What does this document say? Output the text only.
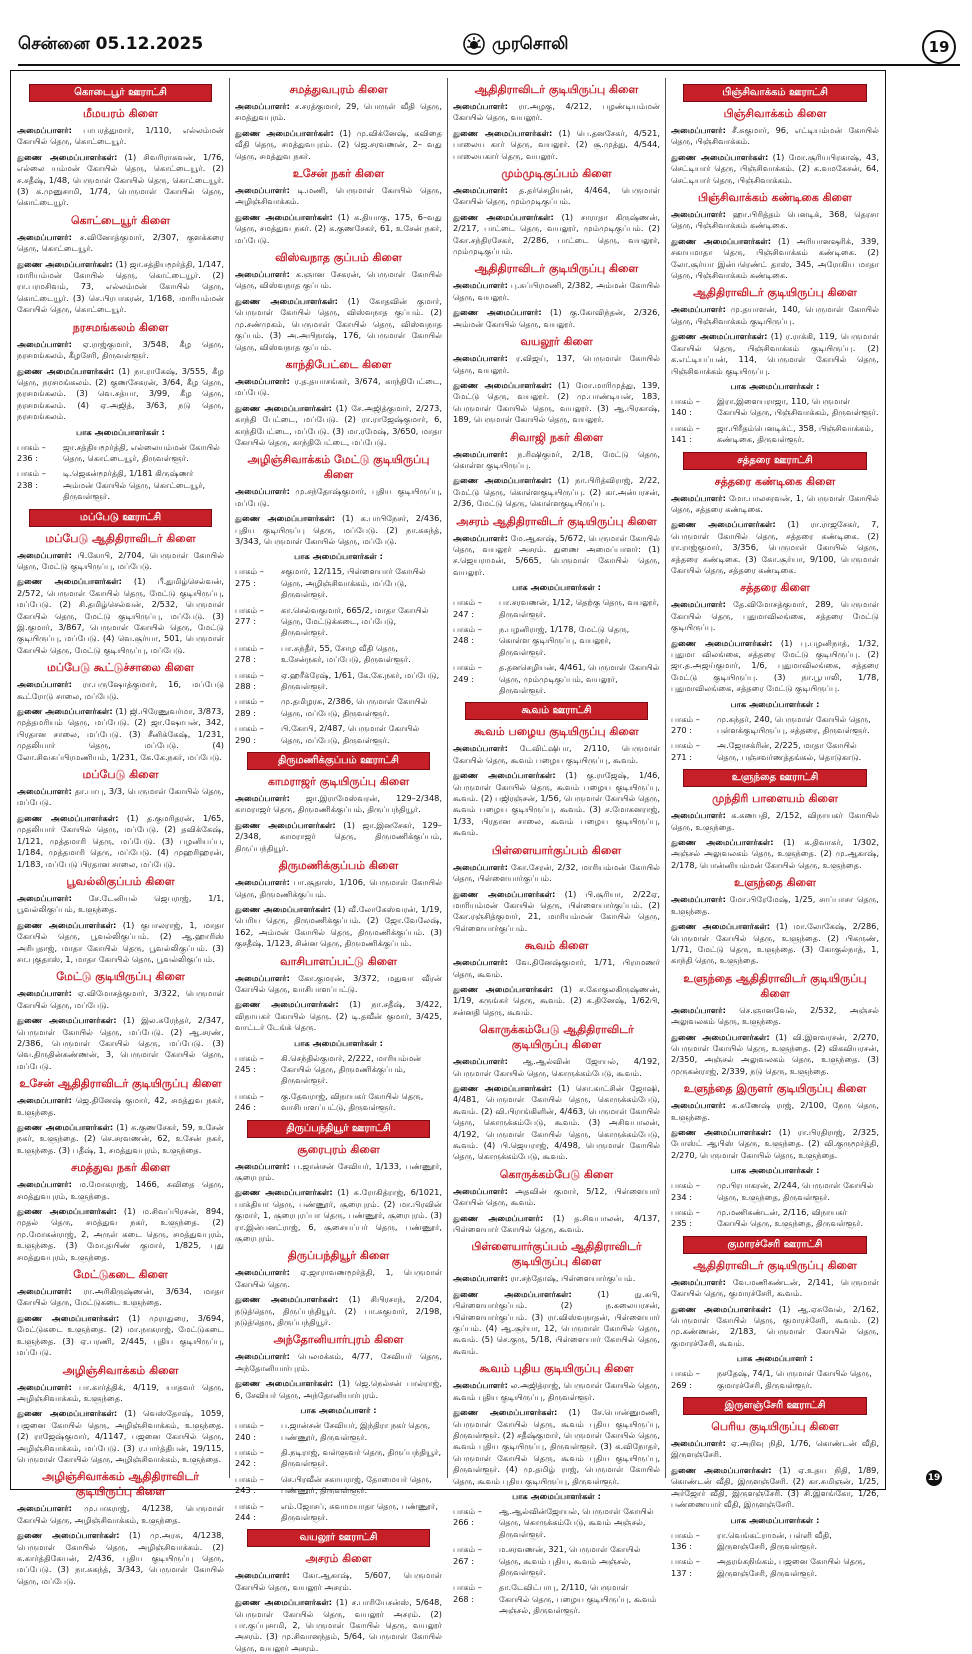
சென்னை 05.12.2025	முரசொலி	19
கொடைபூர் ஊராட்சி
மீமயரம் கிளை
அமைப்பாளர்: பாபரத்துமார், 1/110, எல்லம்மன் கோயில் தெரு, கொட்டையூர்.
துணை அமைப்பாளர்கள்: (1) சிவரிராகவன், 1/76, எல்லை யம்மன் கோயில் தெரு, கொட்டையூர். (2) ச.சதீஷ், 1/48, பெருமாள் கோயில் தெரு, கொட்டையூர். (3) க.முனுசாமி, 1/74, பெருமாள் கோயில் தெரு, கொட்டையூர்.
கொட்டையூர் கிளை
அமைப்பாளர்: ச.வினோத்குமார், 2/307, குளக்கரை தெரு, கொட்டையூர்.
துணை அமைப்பாளர்கள்: (1) ஜா.சத்தியமூர்த்தி, 1/147, மாரியம்மன் கோயில் தெரு, கொட்டையூர். (2) ரா.பரமசிவம், 73, எல்லம்மன் கோயில் தெரு, கொட்டையூர். (3) செ.பிரபாகரன், 1/168, மாரியம்மன் கோயில் தெரு, கொட்டையூர்.
நரசமங்கலம் கிளை
அமைப்பாளர்: ஏ.ராஜ்குமார், 3/548, கீழ தெரு, நரசமங்கலம், கீழசேரி, திருவள்ளூர்.
துணை அமைப்பாளர்கள்: (1) நா.ராகேஷ், 3/555, கீழ தெரு, நரசமங்கலம். (2) குணசேகரன், 3/64, கீழ தெரு, நரசமங்கலம். (3) வெ.சத்யா, 3/99, கீழ தெரு, நரசமங்கலம். (4) ஏ.அஜித், 3/63, நடு தெரு, நரசமங்கலம்.
பாக அமைப்பாளர்கள் :
பாகம் – 236 :
ஜா.சத்தியமூர்த்தி, எல்லையம்மன் கோயில் தெரு, கொட்டையூர், திருவள்ளூர்.
பாகம் – 238 :
டி.ஜெகன்மூர்த்தி, 1/181 கிருஷ்ணர் அம்மன் கோயில் தெரு, கொட்டையூர், திருவள்ளூர்.
மப்பேடு ஊராட்சி
மப்பேடு ஆதிதிராவிடர் கிளை
அமைப்பாளர்: பி.கோபி, 2/704, பெருமாள் கோயில் தெரு, மேட்டு குடியிருப்பு, மப்பேடு.
துணை அமைப்பாளர்கள்: (1) பீ.துமிழ்செல்வன், 2/572, பெருமாள் கோயில் தெரு, மேட்டு குடியிருப்பு, மப்பேடு. (2) சி.தமிழ்செல்வன், 2/532, பெருமாள் கோயில் தெரு, மேட்டு குடியிருப்பு, மப்பேடு. (3) இ.குமார், 3/867, பெருமாள் கோயில் தெரு, மேட்டு குடியிருப்பு, மப்பேடு. (4) வெ.சூர்யா, 501, பெருமாள் கோயில் தெரு, மேட்டு குடியிருப்பு, மப்பேடு.
மப்பேடு கூட்டுச்சாலை கிளை
அமைப்பாளர்: ரா.பருஷோத்குமார், 16, மப்பேடு கூட்ரோடு சாலை, மப்பேடு.
துணை அமைப்பாளர்கள்: (1) ஜி.பிரேணுவர்மா, 3/873, முத்தமரியம் தெரு, மப்பேடு. (2) ஜா.ஷோபன், 342, பிரதான சாலை, மப்பேடு. (3) சீனிக்கேஷ், 1/231, முதலியார் தெரு, மப்பேடு. (4) லோ.சிவசுப்பிரமணியம், 1/231, கே.கே.நகர், மப்பேடு.
மப்பேடு கிளை
அமைப்பாளர்: தா.பாபு, 3/3, பெருமாள் கோயில் தெரு, மப்பேடு.
துணை அமைப்பாளர்கள்: (1) த.குமரிதரன், 1/65, முதலியார் கோயில் தெரு, மப்பேடு. (2) தவிக்கேஷ், 1/121, முத்தமாரி தெரு, மப்பேடு. (3) பழனியப்ப, 1/184, முத்தமாரி தெரு, மப்பேடு. (4) முஹரிஹரன், 1/183, மப்பேடு பிரதான சாலை, மப்பேடு.
பூவல்லிகுப்பம் கிளை
அமைப்பாளர்: சே.டேனியல் ஜெபராஜ், 1/1, பூவல்லிகுப்பம், உளுந்தை.
துணை அமைப்பாளர்கள்: (1) குபாலராஜ், 1, மாதா கோயில் தெரு, பூவல்லிகுப்பம். (2) ஆ.ஹாரிஸ் அரிபுதாஜ், மாதா கோயில் தெரு, பூவல்லிகுப்பம். (3) சா.புகுதாஸ், 1, மாதா கோயில் தெரு, பூவல்லிகுப்பம்.
மேட்டு குடியிருப்பு கிளை
அமைப்பாளர்: ஏ.விமோசத்குமார், 3/322, பெருமாள் கோயில் தெரு, மப்பேடு.
துணை அமைப்பாளர்கள்: (1) இல.சுரேந்தர், 2/347, பெருமாள் கோயில் தெரு, மப்பேடு. (2) ஆ.சரண், 2/386, பெருமாள் கோயில் தெரு, மப்பேடு. (3) வெ.திருதின்கண்ணன், 3, பெருமாள் கோயில் தெரு, மப்பேடு.
உசேன் ஆதிதிராவிடர் குடியிருப்பு கிளை
அமைப்பாளர்: ஜெ.தினேஷ் குமார், 42, சமத்துவ நகர், உளுந்தை.
துணை அமைப்பாளர்கள்: (1) சு.குணசேகர், 59, உசேன் நகர், உளுந்தை. (2) செ.சரவணன், 62, உசேன் நகர், உளுந்தை. (3) பதீஷ், 1, சமத்துவபுரம், உளுந்தை.
சமத்துவ நகர் கிளை
அமைப்பாளர்: ம.மோகராஜ், 1466, சுவிதை தெரு, சமத்துவபுரம், உளுந்தை.
துணை அமைப்பாளர்கள்: (1) ம.சிவப்பிரசன், 894, முதல் தெரு, சமத்துவ நகர், உளுந்தை. (2) மு.மோகன்ராஜ், 2, அருள் கடை தெரு, சமத்துவபுரம், உளுந்தை. (3) மோ.தயிண் குமார், 1/825, புது சமத்துவபுரம், உளுந்தை.
மேட்டுகடை கிளை
அமைப்பாளர்: ரா.அரிகிருஷ்ணன், 3/634, மாதா கோயில் தெரு, மேட்டுகடை உளுந்தை.
துணை அமைப்பாளர்கள்: (1) முராதுரை, 3/694, மேட்டுகடை உளுந்தை. (2) மா.நாகராஜ், மேட்டுகடை உளுந்தை. (3) ஏ.பரணி, 2/445, புதிய குடியிருப்பு, மப்பேடு.
அழிஞ்சிவாக்கம் கிளை
அமைப்பாளர்: பா.கார்த்திக், 4/119, யாதவர் தெரு, அழிஞ்சிவாக்கம், உளுந்தை.
துணை அமைப்பாளர்கள்: (1) வெஸ்தோஷ், 1059, பஜனை கோயில் தெரு, அழிஞ்சிவாக்கம், உளுந்தை. (2) ராஜேஷ்குமார், 4/1147, பஜனை கோயில் தெரு, அழிஞ்சிவாக்கம், மப்பேடு. (3) ர.பார்த்திபன், 19/115, பெருமாள் கோயில் தெரு, அழிஞ்சிவாக்கம், உளுந்தை.
அழிஞ்சிவாக்கம் ஆதிதிராவிடர் குடியிருப்பு கிளை
அமைப்பாளர்: மு.பாகராஜ், 4/1238, பெருமாள் கோயில் தெரு, அழிஞ்சிவாக்கம், உளுந்தை.
துணை அமைப்பாளர்கள்: (1) மு.அரசு, 4/1238, பெருமாள் கோயில் தெரு, அழிஞ்சிவாக்கம். (2) க.கார்த்திகேயன், 2/436, புதிய குடியிருப்பு தெரு, மப்பேடு. (3) நா.சுகந்த், 3/343, பெருமாள் கோயில் தெரு, மப்பேடு.
சமத்துவபுரம் கிளை
அமைப்பாளர்: ச.சரத்குமார், 29, பொருள் வீதி தெரு, சமத்துவபுரம்.
துணை அமைப்பாளர்கள்: (1) மு.விக்னேஷ், கவிதை வீதி தெரு, சமத்துவபுரம். (2) ஜெ.சரவணன், 2– வது தெரு, சமத்துவ நகர்.
உசேன் நகர் கிளை
அமைப்பாளர்: டி.மணி, பெருமாள் கோயில் தெரு, அழிஞ்சிவாக்கம்.
துணை அமைப்பாளர்கள்: (1) க.தியாகு, 175, 6–வது தெரு, சமத்துவ நகர். (2) க.குணசேகர், 61, உசேன் நகர், மப்பேடு.
விஸ்வநாத குப்பம் கிளை
அமைப்பாளர்: க.ஞான சேகரன், பெருமாள் கோயில் தெரு, விஸ்வநாத குப்பம்.
துணை அமைப்பாளர்கள்: (1) கோதவின் குமார், பெருமாள் கோயில் தெரு, விஸ்வநாத குப்பம். (2) மு.சண்முகம், பெருமாள் கோயில் தெரு, விஸ்வநாத குப்பம். (3) அ.அபிநாஷ், 176, பெருமாள் கோயில் தெரு, விஸ்வநாத குப்பம்.
காந்திபேட்டை கிளை
அமைப்பாளர்: ர.த.தயாசங்கர், 3/674, காந்திபேட்டை, மப்பேடு.
துணை அமைப்பாளர்கள்: (1) சே.அஜித்குமார், 2/273, காந்தி பேட்டை, மப்பேடு. (2) ரா.ராஜேஷ்குமார், 6, காந்திபேட்டை, மப்பேடு. (3) மா.ரமேஷ், 3/650, மாதா கோயில் தெரு, காந்திபேட்டை, மப்பேடு.
அழிஞ்சிவாக்கம் மேட்டு குடியிருப்பு கிளை
அமைப்பாளர்: மு.சந்தோஷ்குமார், புதிய குடியிருப்பு, மப்பேடு.
துணை அமைப்பாளர்கள்: (1) க.பாபிநேசர், 2/436, புதிய குடியிருப்பு தெரு, மப்பேடு. (2) நா.கசுந்த், 3/343, பெருமாள் கோயில் தெரு, மப்பேடு.
பாக அமைப்பாளர்கள் :
பாகம் – 275 :
சகுமார், 12/115, பிள்ளையார் கோயில் தெரு, அழிஞ்சிவாக்கம், மப்பேடு, திருவள்ளூர்.
பாகம் – 277 :
கா.செல்வகுமார், 665/2, மாதா கோயில் தெரு, மேட்டுக்கடை, மப்பேடு, திருவள்ளூர்.
பாகம் – 278 :
பா.சுந்தீர், 55, சோழ வீதி தெரு, உசேன்நகர், மப்பேடு, திருவள்ளூர்.
பாகம் – 288 :
ஏ.ஹரீக்ரேஷ், 1/61, கே.கே.நகர், மப்பேடு, திருவள்ளூர்.
பாகம் – 289 :
மு.தமிழரசு, 2/386, பெருமாள் கோயில் தெரு, மப்பேடு, திருவள்ளூர்.
பாகம் – 290 :
பி.கோபி, 2/487, பெருமாள் கோயில் தெரு, மப்பேடு, திருவள்ளூர்.
திருமணிக்குப்பம் ஊராட்சி
காமராஜர் குடியிருப்பு கிளை
அமைப்பாளர்: ஜா.இராமேஸ்வரன், 129–2/348, காமராஜர் தெரு, திருமணிக்குப்பம், திருப்பந்தியூர்.
துணை அமைப்பாளர்கள்: (1) ஜா.இனசேகர், 129–2/348, காமராஜர் தெரு, திருமணிக்குப்பம், திருப்பந்தியூர்.
திருமணிக்குப்பம் கிளை
அமைப்பாளர்: பா.சூதாஸ், 1/106, பெருமாள் கோயில் தெரு, திருமணிக்குப்பம்.
துணை அமைப்பாளர்கள்: (1) வீ.லோகேஸ்வரன், 1/19, பெரிய தெரு, திருமணிக்குப்பம். (2) ஜோ.வேலேஷ், 162, அம்மன் கோயில் தெரு, திருமணிக்குப்பம். (3) குசதீஷ், 1/123, சின்ன தெரு, திருமணிக்குப்பம்.
வாசிபாளப்பட்டு கிளை
அமைப்பாளர்: கோ.குமரன், 3/372, மதுவா வீரன் கோயில் தெரு, வாசிபாளப்பட்டு.
துணை அமைப்பாளர்கள்: (1) நா.சதீஷ், 3/422, விநாயகர் கோயில் தெரு. (2) டி.தவீன் குமார், 3/425, வாட்டர் டேங்க் தெரு.
பாக அமைப்பாளர்கள் :
பாகம் – 245 :
கி.செந்தில்குமார், 2/222, மாரியம்மன் கோயில் தெரு, திருமணிக்குப்பம், திருவள்ளூர்.
பாகம் – 246 :
கு.தேவராஜ், விநாயகர் கோயில் தெரு, வாசிபாளப்பட்டு, திருவள்ளூர்.
திருப்பந்தியூர் ஊராட்சி
சூரைபுரம் கிளை
அமைப்பாளர்: ப.ஜான்சன் சேவியர், 1/133, பண்ணூர், சூரைபுரம்.
துணை அமைப்பாளர்கள்: (1) சு.ரோகித்ராஜ், 6/1021, பாக்தியா தெரு, பண்ணூர், சூரைபுரம். (2) மா.பிரவின் குமார், 1, சூரைபுரப்பா தெரு, பண்ணூர், சூரைபுரம். (3) ரா.இன்பனட்ராஜ், 6, சூசையப்பர் தெரு, பண்ணூர், சூரைபுரம்.
திருப்பந்தியூர் கிளை
அமைப்பாளர்: ஏ.ஜாராவணமூர்த்தி, 1, பெருமாள் கோயில் தெரு.
துணை அமைப்பாளர்கள்: (1) சிபிரசாந், 2/204, நடுத்தெரு, திருப்பந்தியூர். (2) பா.சுகுமார், 2/198, நடுத்தெரு, திருப்பந்தியூர்.
அந்தோனியார்புரம் கிளை
அமைப்பாளர்: பெலமக்கம், 4/77, சேவியர் தெரு, அந்தோனியார்புரம்.
துணை அமைப்பாளர்கள்: (1) ஜெ.நெல்சன் பால்ராஜ், 6, சேவியர் தெரு, அந்தோனியார்புரம்.
பாக அமைப்பாளர் :
பாகம் – 240 :
ப.ஜான்சன் சேவியர், இந்திரா நகர் தெரு, பண்ணூர், திருவள்ளூர்.
பாகம் – 242 :
தி.நடிராஜ், வள்ளுவர் தெரு, திருப்பந்தியூர், திருவள்ளூர்.
பாகம் – 243 :
செ.பிரவீன் சகாயராஜ், தோமையர் தெரு, பண்ணூர், திருவள்ளூர்.
பாகம் – 244 :
எம்.ஜோசப், சுவாமயாதா தெரு, பண்ணூர், திருவள்ளூர்.
வயலூர் ஊராட்சி
அசரம் கிளை
அமைப்பாளர்: கோ.ஆகாஷ், 5/607, பெருமாள் கோயில் தெரு, வயலூர் அசரம்.
துணை அமைப்பாளர்கள்: (1) ச.பாரியேசன்ஸ், 5/648, பெருமாள் கோயில் தெரு, வயலூர் அசரம். (2) பா.குப்புசாமி, 2, பெருமாள் கோயில் தெரு, வயலூர் அசரம். (3) மு.சிவானந்தம், 5/64, பெருமாள் கோயில் தெரு, வயலூர் அசரம்.
ஆதிதிராவிடர் குடியிருப்பு கிளை
அமைப்பாளர்: ரா.அழகு, 4/212, பழண்டியம்மன் கோயில் தெரு, வயலூர்.
துணை அமைப்பாளர்கள்: (1) பெ.தனசேகர், 4/521, பாலைய கார் தெரு, வயலூர். (2) சூ.முத்து, 4/544, பாலையகார் தெரு, வயலூர்.
மும்முடிகுப்பம் கிளை
அமைப்பாளர்: த.தர்செழியன், 4/464, பெருமாள் கோயில் தெரு, மும்முடிகுப்பம்.
துணை அமைப்பாளர்கள்: (1) சாராதா கிருஷ்ணன், 2/217, பாட்டை தெரு, வயலூர், மும்முடிகுப்பம். (2) கோ.சந்திரசேகர், 2/286, பாட்டை தெரு, வயலூர், மும்முடிகுப்பம்.
ஆதிதிராவிடர் குடியிருப்பு கிளை
அமைப்பாளர்: பு.சுப்பிரமணி, 2/382, அம்மன் கோயில் தெரு, வயலூர்.
துணை அமைப்பாளர்: (1) கு.கோவிந்தன், 2/326, அம்மன் கோயில் தெரு, வயலூர்.
வயலூர் கிளை
அமைப்பாளர்: ர.விஜய், 137, பெருமாள் கோயில் தெரு, வயலூர்.
துணை அமைப்பாளர்கள்: (1) மோ.மாரிமுத்து, 139, மேட்டு தெரு, வயலூர். (2) மு.பாண்டியன், 183, பெருமாள் கோயில் தெரு, வயலூர். (3) ஆ.பிரகாஷ், 189, பெருமாள் கோயில் தெரு, வயலூர்.
சிவாஜி நகர் கிளை
அமைப்பாளர்: ந.ரிஷிகுமர், 2/18, மேட்டு தெரு, கொள்ள குடியிருப்பு.
துணை அமைப்பாளர்கள்: (1) நா.பிரித்விராஜ், 2/22, மேட்டு தெரு, கொள்ளகுடியிருப்பு. (2) கா.அன்பரசன், 2/36, மேட்டு தெரு, கொள்ளகுடியிருப்பு.
அசரம் ஆதிதிராவிடர் குடியிருப்பு கிளை
அமைப்பாளர்: மே.ஆகாஷ், 5/672, பெருமாள் கோயில் தெரு, வயலூர் அசரம். துணை அமைப்பாளர்: (1) ச.ஜெயராமன், 5/665, பெருமாள் கோயில் தெரு, வயலூர்.
பாக அமைப்பாளர்கள் :
பாகம் – 247 :
பா.சரவணன், 1/12, தெற்கு தெரு, வயலூர், திருவள்ளூர்.
பாகம் – 248 :
ந.பழனிராஜ், 1/178, மேட்டு தெரு, கொள்ள குடியிருப்பு, வயலூர், திருவள்ளூர்.
பாகம் – 249 :
த.தனசெழியன், 4/461, பெருமாள் கோயில் தெரு, மும்முடிகுப்பம், வயலூர், திருவள்ளூர்.
கூவம் ஊராட்சி
கூவம் பழைய குடியிருப்பு கிளை
அமைப்பாளர்: டேவிட்ஷிபா, 2/110, பெருமாள் கோயில் தெரு, கூவம் பழைய குடியிருப்பு, கூவம்.
துணை அமைப்பாளர்கள்: (1) கு.ராஜேஷ், 1/46, பெருமாள் கோயில் தெரு, கூவம் பழைய குடியிருப்பு, கூவம். (2) பஜிரஞ்சன், 1/56, பெருமாள் கோயில் தெரு, கூவம் பழைய குடியிருப்பு, கூவம். (3) ச.மோகனராஜ், 1/33, பிரதான சாலை, கூவம் பழைய குடியிருப்பு, கூவம்.
பிள்ளையார்குப்பம் கிளை
அமைப்பாளர்: கோ.சேரன், 2/32, மாரியம்மன் கோயில் தெரு, பிள்ளையார்குப்பம்.
துணை அமைப்பாளர்கள்: (1) பி.சூரியா, 2/22ஏ, மாரியம்மன் கோயில் தெரு, பிள்ளையார்குப்பம். (2) கோ.ரஞ்சித்குமார், 21, மாரியம்மன் கோயில் தெரு, பிள்ளையார்குப்பம்.
கூவம் கிளை
அமைப்பாளர்: வே.தினேஷ்குமார், 1/71, பிராமணர் தெரு, கூவம்.
துணை அமைப்பாளர்கள்: (1) ச.கோகுலகிருஷ்ணன், 1/19, கருங்கர் தெரு, கூவம். (2) க.தினேஷ், 1/62பி, சன்னதி தெரு, கூவம்.
கொருக்கம்பேடு ஆதிதிராவிடர் குடியிருப்பு கிளை
அமைப்பாளர்: ஆ.ஆல்வின் ஜோயல், 4/192, பெருமாள் கோயில் தெரு, கொருக்கம்பேடு, கூவம்.
துணை அமைப்பாளர்கள்: (1) சொ.காட்சின் ஜோஷி, 4/481, பெருமாள் கோயில் தெரு, கொருக்கம்பேடு, கூவம். (2) வி.பிராங்கிளின், 4/463, பெருமாள் கோயில் தெரு, கொருக்கம்பேடு, கூவம். (3) அசிவபாலன், 4/192, பெருமாள் கோயில் தெரு, கொருக்கம்பேடு, கூவம். (4) பி.ஜெயராஜ், 4/498, பெருமாள் கோயில் தெரு, கொருக்கம்பேடு, கூவம்.
கொருக்கம்பேடு கிளை
அமைப்பாளர்: அதவின் குமார், 5/12, பிள்ளையார் கோயில் தெரு, கூவம்.
துணை அமைப்பாளர்: (1) த.சிவபாலன், 4/137, பிள்ளையார் கோயில் தெரு, கூவம்.
பிள்ளையார்குப்பம் ஆதிதிராவிடர் குடியிருப்பு கிளை
அமைப்பாளர்: ரா.சந்தோஷ், பிள்ளையார்குப்பம்.
துணை அமைப்பாளர்கள்: (1) நு.சுபி, பிள்ளையார்குப்பம். (2) ந.சுலையரசன், பிள்ளையார்குப்பம். (3) ரா.விஸ்வநாதன், பிள்ளையார் குப்பம். (4) ஆ.சூர்யா, 12, பெருமாள் கோயில் தெரு, கூவம். (5) செ.குரு, 5/18, பிள்ளையார் கோயில் தெரு, கூவம்.
கூவம் புதிய குடியிருப்பு கிளை
அமைப்பாளர்: ல.அஜித்ராஜ், பெருமாள் கோயில் தெரு, கூவம் புதிய குடியிருப்பு, திருவள்ளூர்.
துணை அமைப்பாளர்கள்: (1) சே.பொன்னுமணி, பெருமாள் கோயில் தெரு, கூவம் புதிய குடியிருப்பு, திருவள்ளூர். (2) சதீஷ்குமார், பெருமாள் கோயில் தெரு, கூவம் புதிய குடியிருப்பு, திருவள்ளூர். (3) க.விநோதர், பெருமாள் கோயில் தெரு, கூவம் புதிய குடியிருப்பு, திருவள்ளூர். (4) மு.தமிழ் ராஜ், பெருமாள் கோயில் தெரு, கூவம் புதிய குடியிருப்பு, திருவள்ளூர்.
பாக அமைப்பாளர்கள் :
பாகம் – 266 :
ஆ.ஆல்வின்ஜோயல், பெருமாள் கோயில் தெரு, கொருக்கம்பேடு, கூவம் அஞ்சல், திருவள்ளூர்.
பாகம் – 267 :
ம.சரவணன், 321, பெருமாள் கோயில் தெரு, கூவம் புதிய, கூவம் அஞ்சல், திருவள்ளூர்.
பாகம் – 268 :
தா.டேவிட்பாபு, 2/110, பெருமாள் கோயில் தெரு, பழைய குடியிருப்பு, கூவம் அஞ்சல், திருவள்ளூர்.
பிஞ்சிவாக்கம் ஊராட்சி
பிஞ்சிவாக்கம் கிளை
அமைப்பாளர்: சீ.சுகுமார், 96, எட்டியம்மன் கோயில் தெரு, பிஞ்சிவாக்கம்.
துணை அமைப்பாளர்கள்: (1) மோ.சூரியபிரகாஷ், 43, செட்டியார் தெரு, பிஞ்சிவாக்கம். (2) க.வமகேசன், 64, செட்டியார் தெரு, பிஞ்சிவாக்கம்.
பிஞ்சிவாக்கம் கண்டிகை கிளை
அமைப்பாளர்: ஹா.பிரித்தம் பெனடிக், 368, தெரசா தெரு, பிஞ்சிவாக்கம் கண்டிகை.
துணை அமைப்பாளர்கள்: (1) அரியானஷரிக், 339, சகாயமாதா தெரு, பிஞ்சிவாக்கம் கண்டிகை. (2) லோ.சூர்யா இன்பரெண்ட் தாஸ், 345, அரோகிய மாதா தெரு, பிஞ்சிவாக்கம் கண்டிகை.
ஆதிதிராவிடர் குடியிருப்பு கிளை
அமைப்பாளர்: மு.தயாளன், 140, பெருமாள் கோயில் தெரு, பிஞ்சிவாக்கம் குடியிருப்பு.
துணை அமைப்பாளர்கள்: (1) ர.ராக்கி, 119, பெருமாள் கோயில் தெரு, பிஞ்சிவாக்கம் குடியிருப்பு. (2) க.எட்டியப்பன், 114, பெருமாள் கோயில் தெரு, பிஞ்சிவாக்கம் குடியிருப்பு.
பாக அமைப்பாளர்கள் :
பாகம் – 140 :
இரா.இளையராஜா, 110, பெருமாள் கோயில் தெரு, பிஞ்சிவாக்கம், திருவள்ளூர்.
பாகம் – 141 :
ஜா.பிரீதம்பெனடிக்ட், 358, பிஞ்சிவாக்கம், கண்டிகை, திருவள்ளூர்.
சத்தரை ஊராட்சி
சத்தரை கண்டிகை கிளை
அமைப்பாளர்: மோ.பாலசரவன், 1, பெருமாள் கோயில் தெரு, சத்தரை கண்டிகை.
துணை அமைப்பாளர்கள்: (1) ரா.ராஜசேகர், 7, பெருமாள் கோயில் தெரு, சத்தரை கண்டிகை. (2) ரா.ராஜ்குமார், 3/356, பெருமாள் கோயில் தெரு, சத்தரை கண்டிகை. (3) கோ.சூர்யா, 9/100, பெருமாள் கோயில் தெரு, சத்தரை கண்டிகை.
சத்தரை கிளை
அமைப்பாளர்: தே.விமோசத்குமார், 289, பெருமாள் கோயில் தெரு, புதுமாவிலங்கை, சத்தரை மேட்டு குடியிருப்பு.
துணை அமைப்பாளர்கள்: (1) பு.பழனிநாத், 1/32, புதுமா விலங்கை, சத்தரை மேட்டு குடியிருப்பு. (2) ஜா.த.அஜய்குமார், 1/6, புதுமாவிலங்கை, சத்தரை மேட்டு குடியிருப்பு. (3) நா.பூபாலி, 1/78, புதுமாவிலங்கை, சத்தரை மேட்டு குடியிருப்பு.
பாக அமைப்பாளர்கள் :
பாகம் – 270 :
மு.சுந்தர், 240, பெருமாள் கோயில் தெரு, பள்ளக்குடியிருப்பு, சத்தரை, திருவள்ளூர்.
பாகம் – 271 :
அ.ஜோசக்ரின், 2/225, மாதா கோயில் தெரு, பஞ்சவர்ணத்தங்கல், தொடுகாடு.
உளுந்தை ஊராட்சி
முந்திரி பாளையம் கிளை
அமைப்பாளர்: க.கணபதி, 2/152, விநாயகர் கோயில் தெரு, உளுந்தை.
துணை அமைப்பாளர்கள்: (1) சு.திவாகர், 1/302, அஞ்சல் அலுவலகம் தெரு, உளுந்தை. (2) மு.ஆகாஷ், 2/178, பொன்னியம்மன் கோயில் தெரு, உளுந்தை.
உளுந்தை கிளை
அமைப்பாளர்: மோ.பிரேமேஷ், 1/25, சாப்பாசா தெரு, உளுந்தை.
துணை அமைப்பாளர்கள்: (1) மா.லோகேஷ், 2/286, பெருமாள் கோயில் தெரு, உளுந்தை. (2) பிகருண், 1/71, மேட்டு தெரு, உளுந்தை. (3) கோகுல்நாத், 1, காந்தி தெரு, உளுந்தை.
உளுந்தை ஆதிதிராவிடர் குடியிருப்பு கிளை
அமைப்பாளர்: செ.ஞானவேல், 2/532, அஞ்சல் அலுவலகம் தெரு, உளுந்தை.
துணை அமைப்பாளர்கள்: (1) வி.இளவரசன், 2/270, பெருமாள் கோயில் தெரு, உளுந்தை. (2) விகவியரசன், 2/350, அஞ்சல் அலுவலகம் தெரு, உளுந்தை. (3) முருகன்ராஜ், 2/339, நடு தெரு, உளுந்தை.
உளுந்தை இருளர் குடியிருப்பு கிளை
அமைப்பாளர்: க.கணேஷ் ராஜ், 2/100, நேரு தெரு, உளுந்தை.
துணை அமைப்பாளர்கள்: (1) ரா.பிரதிராஜ், 2/325, போஸ்ட் ஆபிஸ் தெரு, உளுந்தை. (2) வி.குருமூர்த்தி, 2/270, பெருமாள் கோயில் தெரு, உளுந்தை.
பாக அமைப்பாளர்கள் :
பாகம் – 234 :
மு.பிரபாகரன், 2/244, பெருமாள் கோயில் தெரு, உளுந்தை, திருவள்ளூர்.
பாகம் – 235 :
மு.மணிகண்டன், 2/116, விநாயகர் கோயில் தெரு, உளுந்தை, திருவள்ளூர்.
குமாரச்சேரி ஊராட்சி
ஆதிதிராவிடர் குடியிருப்பு கிளை
அமைப்பாளர்: வே.மணிகண்டன், 2/141, பெருமாள் கோயில் தெரு, குமாரச்சேரி, கூவம்.
துணை அமைப்பாளர்கள்: (1) ஆ.ஏசுவேல், 2/162, பெருமாள் கோயில் தெரு, குமாரச்சேரி, கூவம். (2) மு.கண்ணன், 2/183, பெருமாள் கோயில் தெரு, குமாரச்சேரி, கூவம்.
பாக அமைப்பாளர் :
பாகம் – 269 :
நசதேஷ், 74/1, பெருமாள் கோயில் தெரு, குமாரச்சேரி, திருவள்ளூர்.
இருளஞ்சேரி ஊராட்சி
பெரிய குடியிருப்பு கிளை
அமைப்பாளர்: ஏ.அறிவு நிதி, 1/76, கொண்டன் வீதி, இருளஞ்சேரி.
துணை அமைப்பாளர்கள்: (1) ஏ.உதய நிதி, 1/89, கொண்டன் வீதி, இருளஞ்சேரி. (2) கா.சுமிஞன், 1/25, அர்ஜோர் வீதி, இருளஞ்சேரி. (3) சி.இளங்கோ, 1/26, பண்ணையார் வீதி, இருளஞ்சேரி.
பாக அமைப்பாளர்கள் :
பாகம் – 136 :
ரா.வெங்கட்ராமன், பள்ளி வீதி, இருளஞ்சேரி, திருவள்ளூர்.
பாகம் – 137 :
அதரங்கநிங்கம், பஜனை கோயில் தெரு, இருளஞ்சேரி, திருவள்ளூர்.
19
